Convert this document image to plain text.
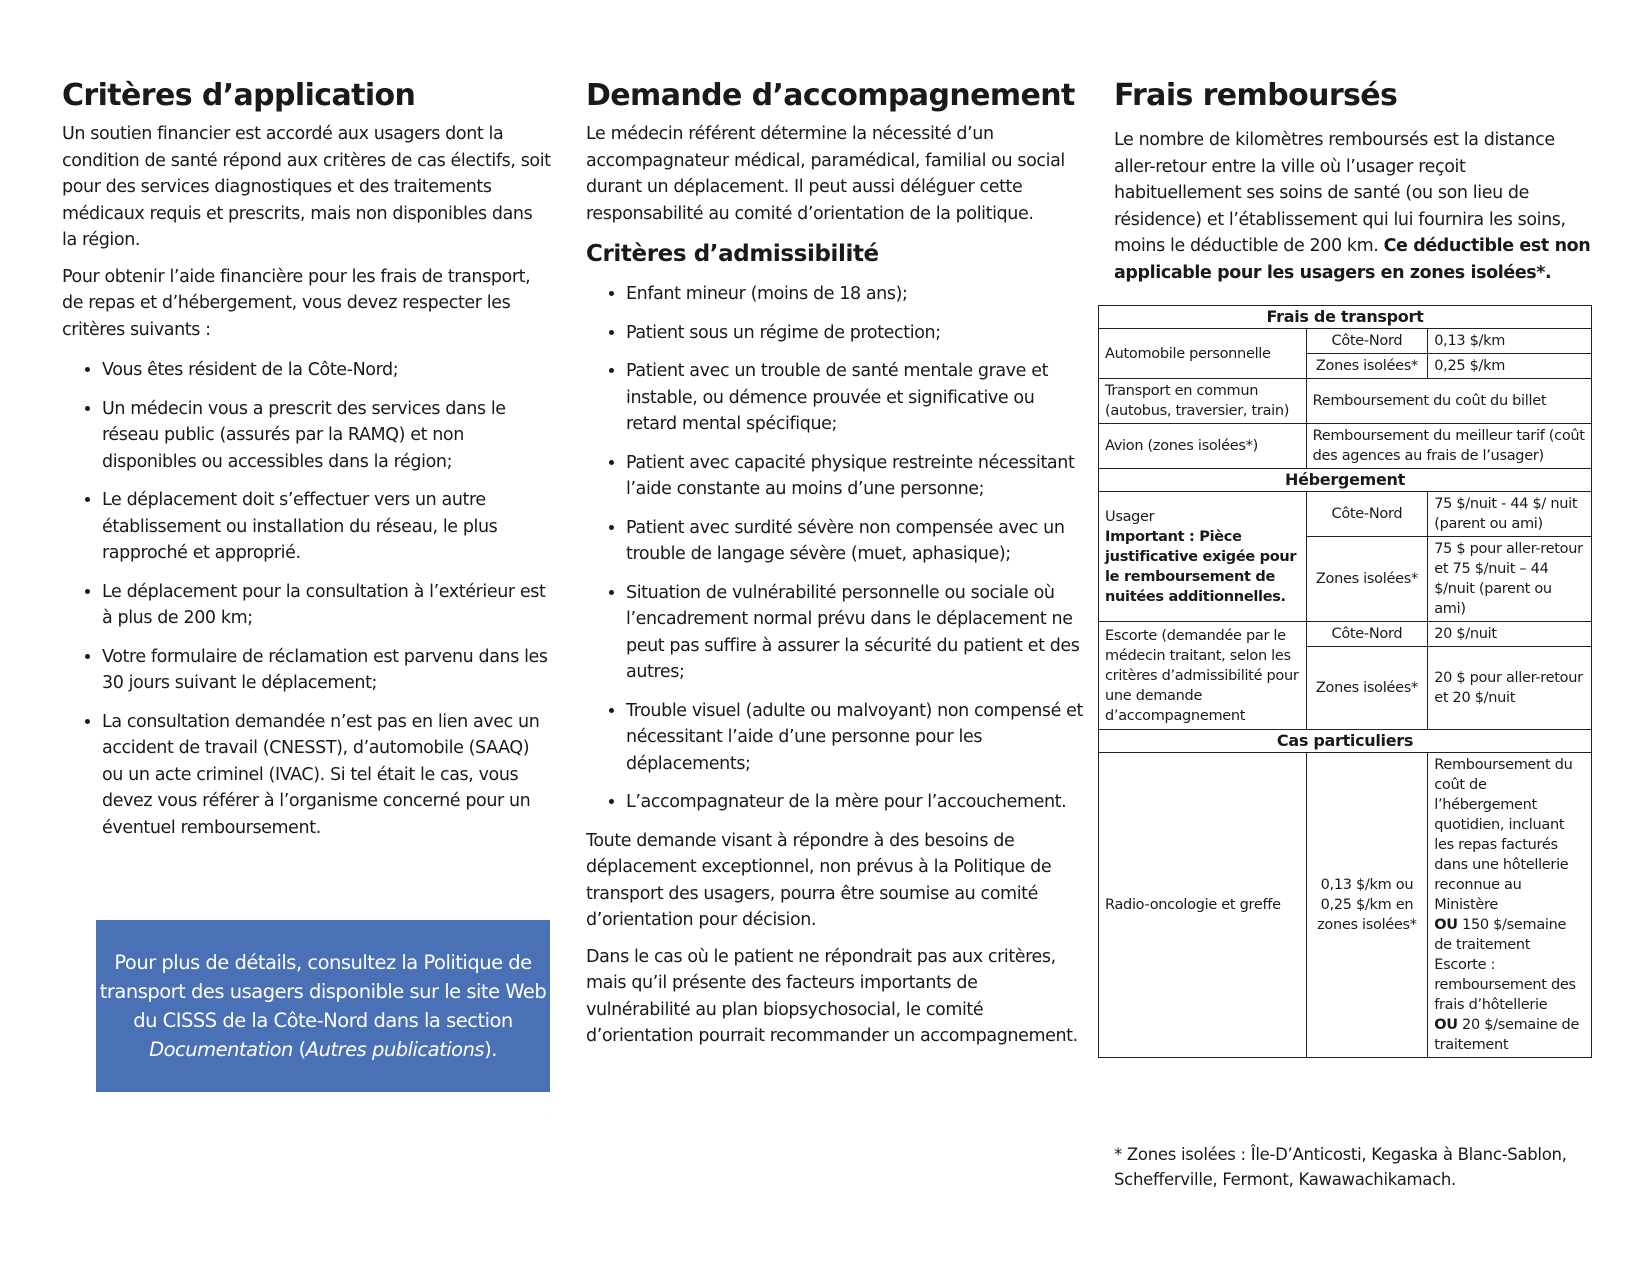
Critères d’application

Un soutien financier est accordé aux usagers dont la condition de santé répond aux critères de cas électifs, soit pour des services diagnostiques et des traitements médicaux requis et prescrits, mais non disponibles dans la région.

Pour obtenir l’aide financière pour les frais de transport, de repas et d’hébergement, vous devez respecter les critères suivants :

• Vous êtes résident de la Côte-Nord;
• Un médecin vous a prescrit des services dans le réseau public (assurés par la RAMQ) et non disponibles ou accessibles dans la région;
• Le déplacement doit s’effectuer vers un autre établissement ou installation du réseau, le plus rapproché et approprié.
• Le déplacement pour la consultation à l’extérieur est à plus de 200 km;
• Votre formulaire de réclamation est parvenu dans les 30 jours suivant le déplacement;
• La consultation demandée n’est pas en lien avec un accident de travail (CNESST), d’automobile (SAAQ) ou un acte criminel (IVAC). Si tel était le cas, vous devez vous référer à l’organisme concerné pour un éventuel remboursement.
Pour plus de détails, consultez la Politique de
transport des usagers disponible sur le site Web
du CISSS de la Côte-Nord dans la section
Documentation (Autres publications).
Demande d’accompagnement

Le médecin référent détermine la nécessité d’un accompagnateur médical, paramédical, familial ou social durant un déplacement. Il peut aussi déléguer cette responsabilité au comité d’orientation de la politique.

Critères d’admissibilité
• Enfant mineur (moins de 18 ans);
• Patient sous un régime de protection;
• Patient avec un trouble de santé mentale grave et instable, ou démence prouvée et significative ou retard mental spécifique;
• Patient avec capacité physique restreinte nécessitant l’aide constante au moins d’une personne;
• Patient avec surdité sévère non compensée avec un trouble de langage sévère (muet, aphasique);
• Situation de vulnérabilité personnelle ou sociale où l’encadrement normal prévu dans le déplacement ne peut pas suffire à assurer la sécurité du patient et des autres;
• Trouble visuel (adulte ou malvoyant) non compensé et nécessitant l’aide d’une personne pour les déplacements;
• L’accompagnateur de la mère pour l’accouchement.

Toute demande visant à répondre à des besoins de déplacement exceptionnel, non prévus à la Politique de transport des usagers, pourra être soumise au comité d’orientation pour décision.

Dans le cas où le patient ne répondrait pas aux critères, mais qu’il présente des facteurs importants de vulnérabilité au plan biopsychosocial, le comité d’orientation pourrait recommander un accompagnement.

Frais remboursés

Le nombre de kilomètres remboursés est la distance aller-retour entre la ville où l’usager reçoit habituellement ses soins de santé (ou son lieu de résidence) et l’établissement qui lui fournira les soins, moins le déductible de 200 km. Ce déductible est non applicable pour les usagers en zones isolées*.

Frais de transport		
Automobile personnelle	Côte-Nord	0,13 $/km
	Zones isolées*	0,25 $/km
Transport en commun (autobus, traversier, train)	Remboursement du coût du billet	
Avion (zones isolées*)	Remboursement du meilleur tarif (coût des agences au frais de l’usager)	
Hébergement		

Usager
Important : Pièce justificative exigée pour le remboursement de nuitées additionnelles.	Côte-Nord	75 $/nuit - 44 $/ nuit (parent ou ami)
	Zones isolées*	75 $ pour aller-retour et 75 $/nuit – 44 $/nuit (parent ou ami)
Escorte (demandée par le médecin traitant, selon les critères d’admissibilité pour une demande d’accompagnement	Côte-Nord	20 $/nuit
	Zones isolées*	20 $ pour aller-retour et 20 $/nuit
Cas particuliers		
Radio-oncologie et greffe	0,13 $/km ou 0,25 $/km en zones isolées*	Remboursement du coût de l’hébergement quotidien, incluant les repas facturés dans une hôtellerie reconnue au Ministère
OU 150 $/semaine de traitement
Escorte : remboursement des frais d’hôtellerie
OU 20 $/semaine de traitement
* Zones isolées : Île-D’Anticosti, Kegaska à Blanc-Sablon, Schefferville, Fermont, Kawawachikamach.
